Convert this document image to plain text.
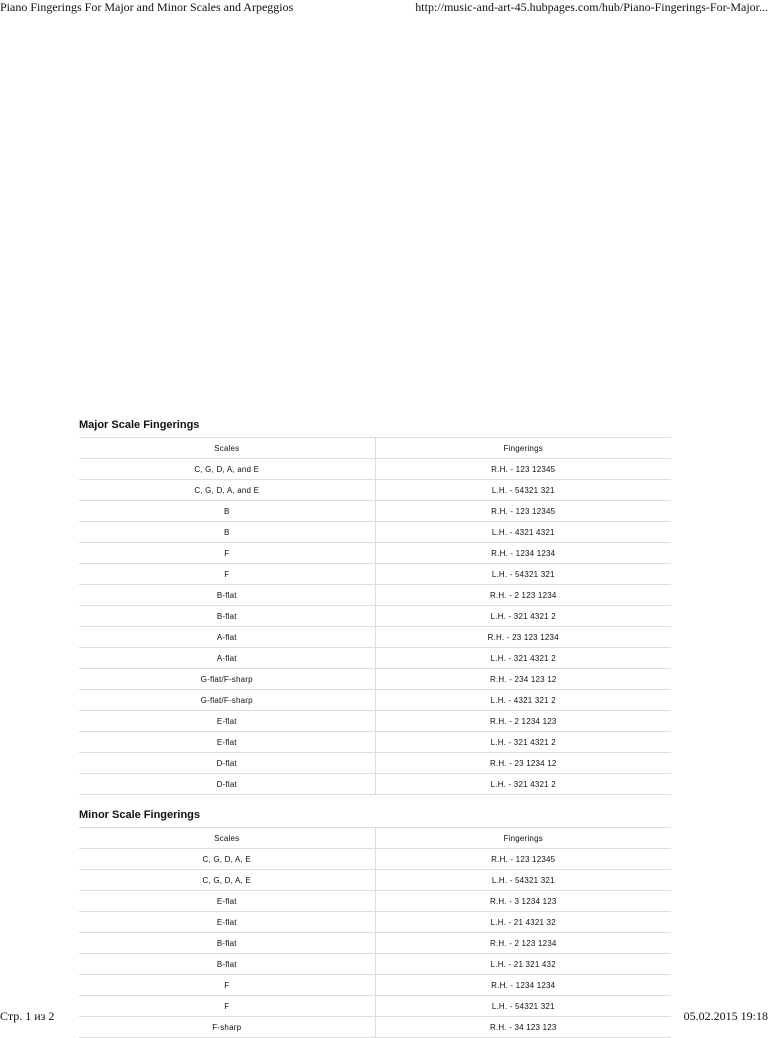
Piano Fingerings For Major and Minor Scales and Arpeggios	http://music-and-art-45.hubpages.com/hub/Piano-Fingerings-For-Major...
Major Scale Fingerings
Scales	Fingerings
C, G, D, A, and E	R.H. - 123 12345
C, G, D, A, and E	L.H. - 54321 321
B	R.H. - 123 12345
B	L.H. - 4321 4321
F	R.H. - 1234 1234
F	L.H. - 54321 321
B-flat	R.H. - 2 123 1234
B-flat	L.H. - 321 4321 2
A-flat	R.H. - 23 123 1234
A-flat	L.H. - 321 4321 2
G-flat/F-sharp	R.H. - 234 123 12
G-flat/F-sharp	L.H. - 4321 321 2
E-flat	R.H. - 2 1234 123
E-flat	L.H. - 321 4321 2
D-flat	R.H. - 23 1234 12
D-flat	L.H. - 321 4321 2
Minor Scale Fingerings
Scales	Fingerings
C, G, D, A, E	R.H. - 123 12345
C, G, D, A, E	L.H. - 54321 321
E-flat	R.H. - 3 1234 123
E-flat	L.H. - 21 4321 32
B-flat	R.H. - 2 123 1234
B-flat	L.H. - 21 321 432
F	R.H. - 1234 1234
F	L.H. - 54321 321
F-sharp	R.H. - 34 123 123
Стр. 1 из 2	05.02.2015 19:18
